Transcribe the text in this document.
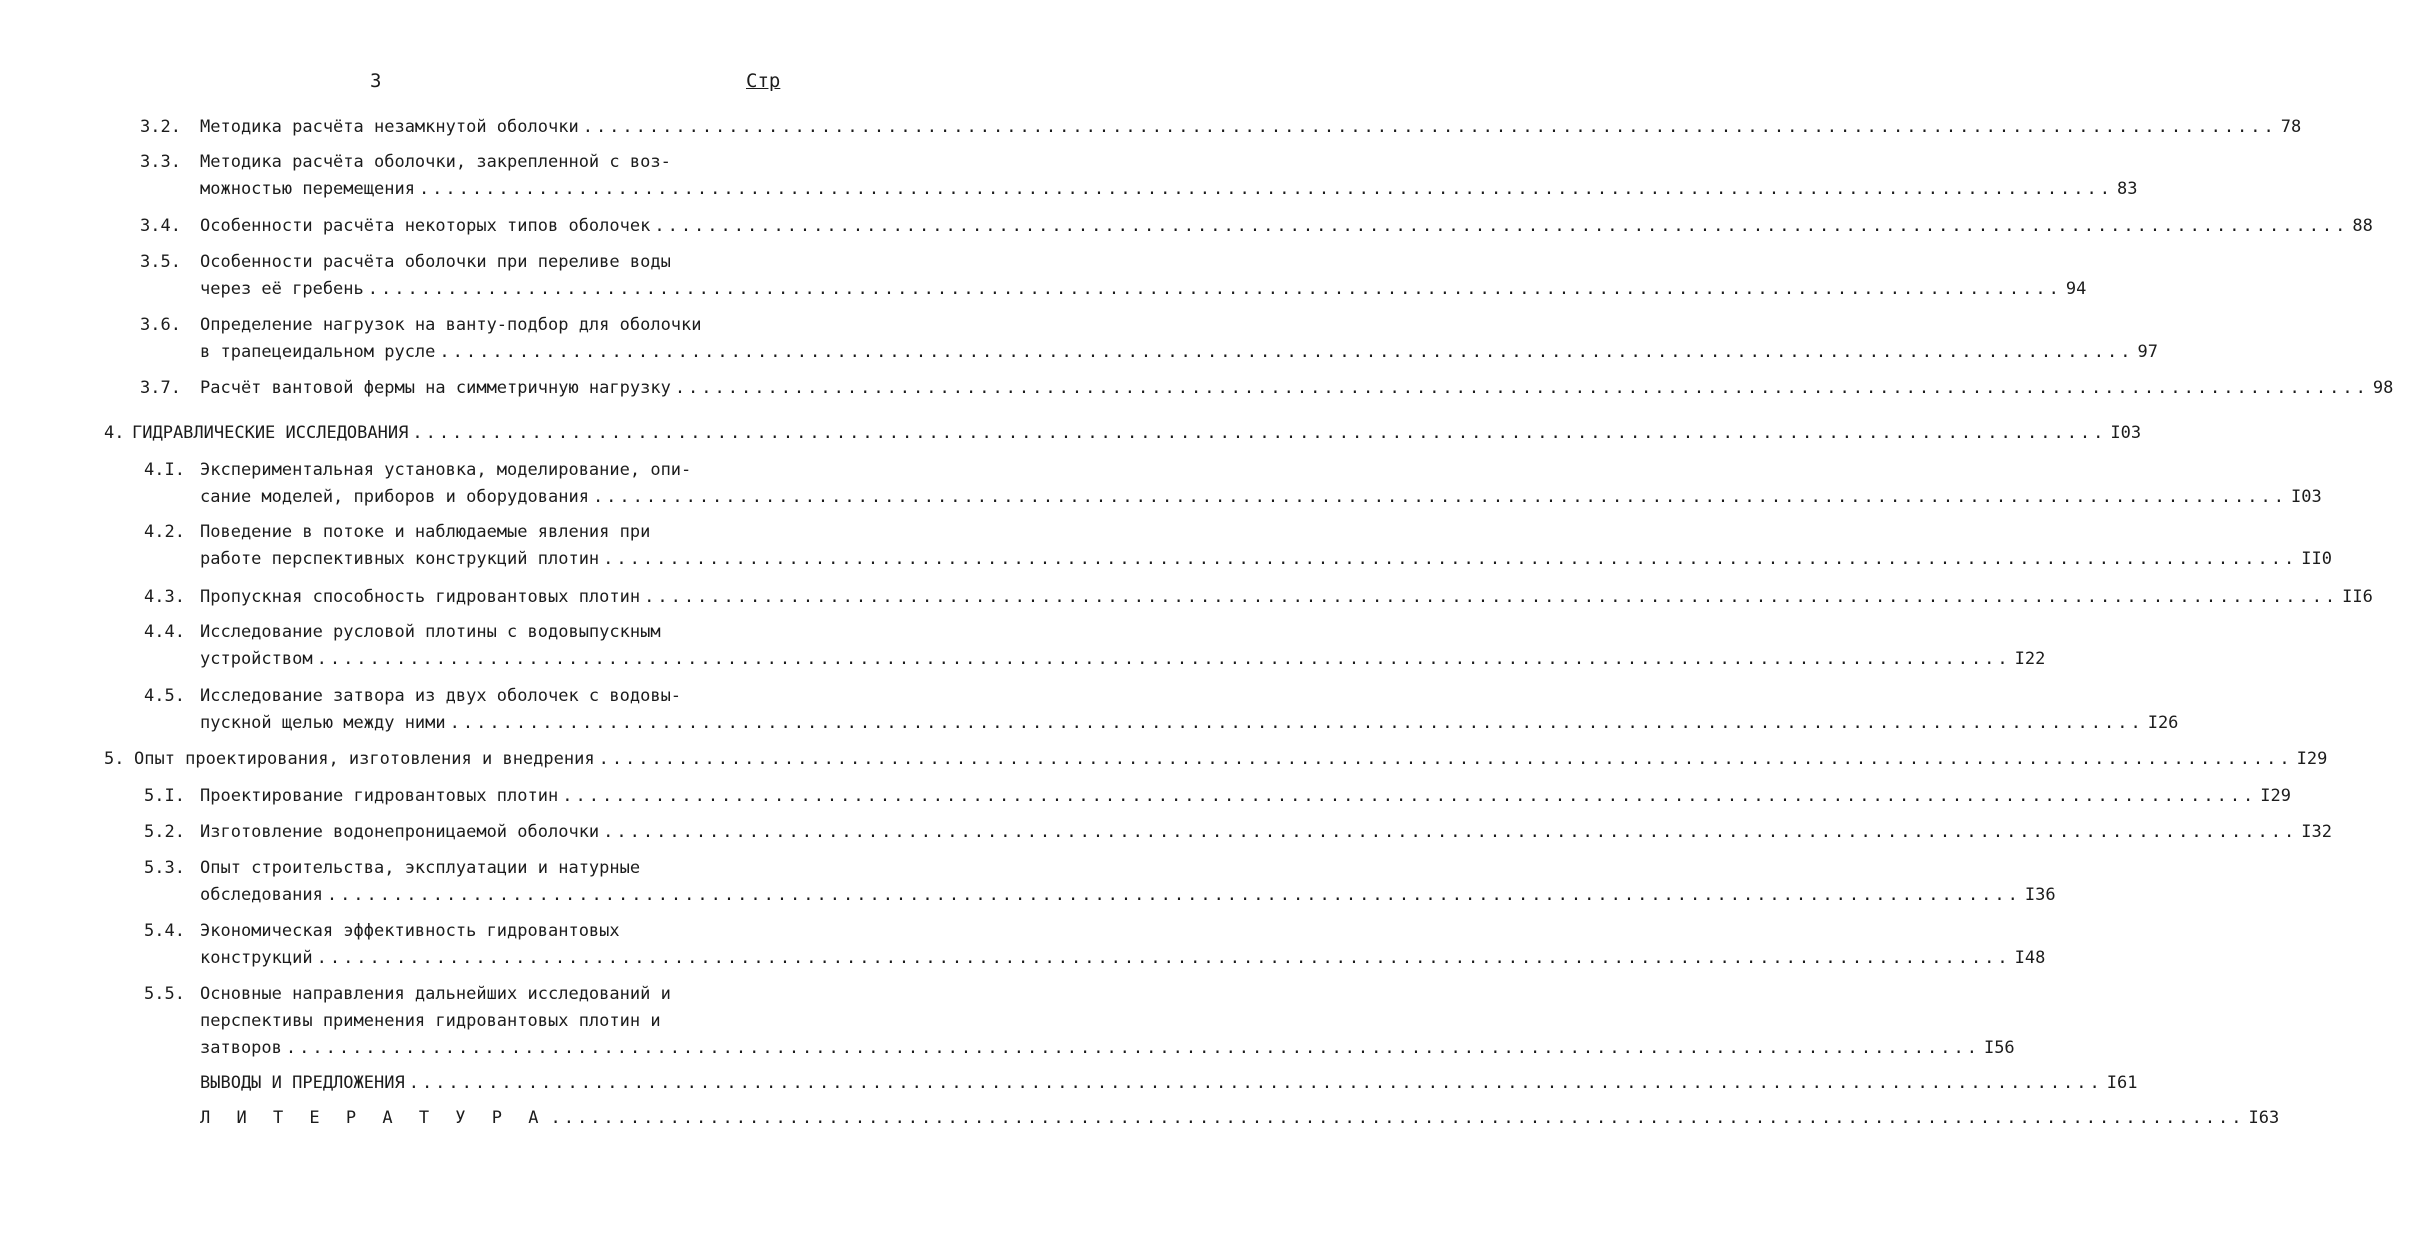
3	Стр
3.2. Методика расчёта незамкнутой оболочки ................................................................................................................................ 78
3.3. Методика расчёта оболочки, закрепленной с воз-
можностью перемещения ................................................................................................................................ 83
3.4. Особенности расчёта некоторых типов оболочек ................................................................................................................................ 88
3.5. Особенности расчёта оболочки при переливе воды
через её гребень ................................................................................................................................ 94
3.6. Определение нагрузок на ванту-подбор для оболочки
в трапецеидальном русле ................................................................................................................................ 97
3.7. Расчёт вантовой фермы на симметричную нагрузку ................................................................................................................................ 98
4. ГИДРАВЛИЧЕСКИЕ ИССЛЕДОВАНИЯ ................................................................................................................................ I03
4.I. Экспериментальная установка, моделирование, опи-
сание моделей, приборов и оборудования ................................................................................................................................ I03
4.2. Поведение в потоке и наблюдаемые явления при
работе перспективных конструкций плотин ................................................................................................................................ II0
4.3. Пропускная способность гидровантовых плотин ................................................................................................................................ II6
4.4. Исследование русловой плотины с водовыпускным
устройством ................................................................................................................................ I22
4.5. Исследование затвора из двух оболочек с водовы-
пускной щелью между ними ................................................................................................................................ I26
5. Опыт проектирования, изготовления и внедрения ................................................................................................................................ I29
5.I. Проектирование гидровантовых плотин ................................................................................................................................ I29
5.2. Изготовление водонепроницаемой оболочки ................................................................................................................................ I32
5.3. Опыт строительства, эксплуатации и натурные
обследования ................................................................................................................................ I36
5.4. Экономическая эффективность гидровантовых
конструкций ................................................................................................................................ I48
5.5. Основные направления дальнейших исследований и
перспективы применения гидровантовых плотин и
затворов ................................................................................................................................ I56
ВЫВОДЫ И ПРЕДЛОЖЕНИЯ ................................................................................................................................ I61
Л И Т Е Р А Т У Р А ................................................................................................................................ I63
